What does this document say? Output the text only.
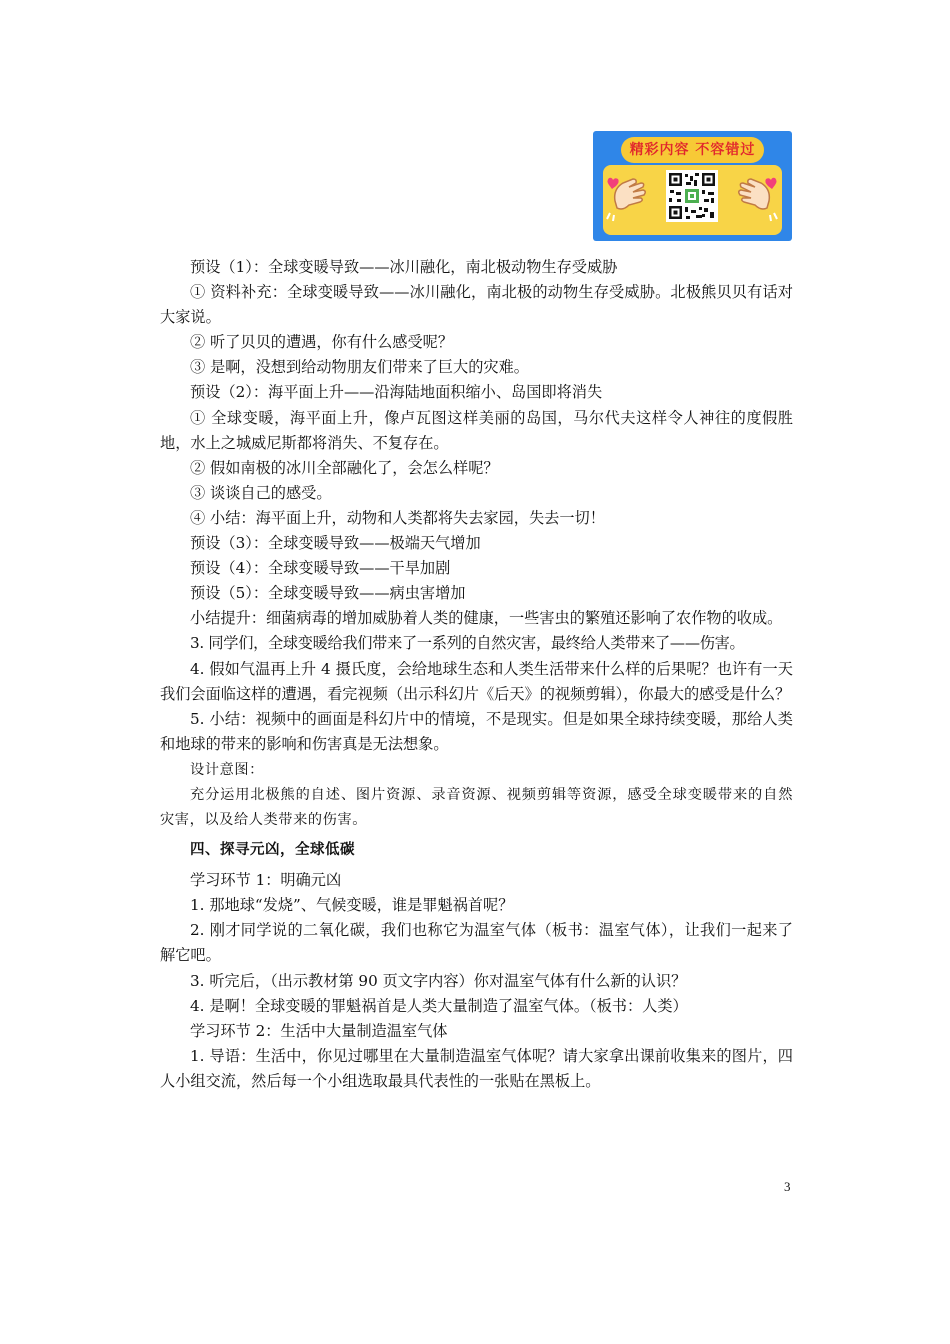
精彩内容 不容错过
预设（1）：全球变暖导致——冰川融化，南北极动物生存受威胁
① 资料补充：全球变暖导致——冰川融化，南北极的动物生存受威胁。北极熊贝贝有话对大家说。
② 听了贝贝的遭遇，你有什么感受呢？
③ 是啊，没想到给动物朋友们带来了巨大的灾难。
预设（2）：海平面上升——沿海陆地面积缩小、岛国即将消失
① 全球变暖，海平面上升，像卢瓦图这样美丽的岛国，马尔代夫这样令人神往的度假胜地，水上之城威尼斯都将消失、不复存在。
② 假如南极的冰川全部融化了，会怎么样呢？
③ 谈谈自己的感受。
④ 小结：海平面上升，动物和人类都将失去家园，失去一切！
预设（3）：全球变暖导致——极端天气增加
预设（4）：全球变暖导致——干旱加剧
预设（5）：全球变暖导致——病虫害增加
小结提升：细菌病毒的增加威胁着人类的健康，一些害虫的繁殖还影响了农作物的收成。
3. 同学们，全球变暖给我们带来了一系列的自然灾害，最终给人类带来了——伤害。
4. 假如气温再上升 4 摄氏度，会给地球生态和人类生活带来什么样的后果呢？也许有一天我们会面临这样的遭遇，看完视频（出示科幻片《后天》的视频剪辑），你最大的感受是什么？
5. 小结：视频中的画面是科幻片中的情境，不是现实。但是如果全球持续变暖，那给人类和地球的带来的影响和伤害真是无法想象。
设计意图：
充分运用北极熊的自述、图片资源、录音资源、视频剪辑等资源，感受全球变暖带来的自然灾害，以及给人类带来的伤害。
四、探寻元凶，全球低碳
学习环节 1：明确元凶
1. 那地球“发烧”、气候变暖，谁是罪魁祸首呢？
2. 刚才同学说的二氧化碳，我们也称它为温室气体（板书：温室气体），让我们一起来了解它吧。
3. 听完后，（出示教材第 90 页文字内容）你对温室气体有什么新的认识？
4. 是啊！全球变暖的罪魁祸首是人类大量制造了温室气体。（板书：人类）
学习环节 2：生活中大量制造温室气体
1. 导语：生活中，你见过哪里在大量制造温室气体呢？请大家拿出课前收集来的图片，四人小组交流，然后每一个小组选取最具代表性的一张贴在黑板上。
3
